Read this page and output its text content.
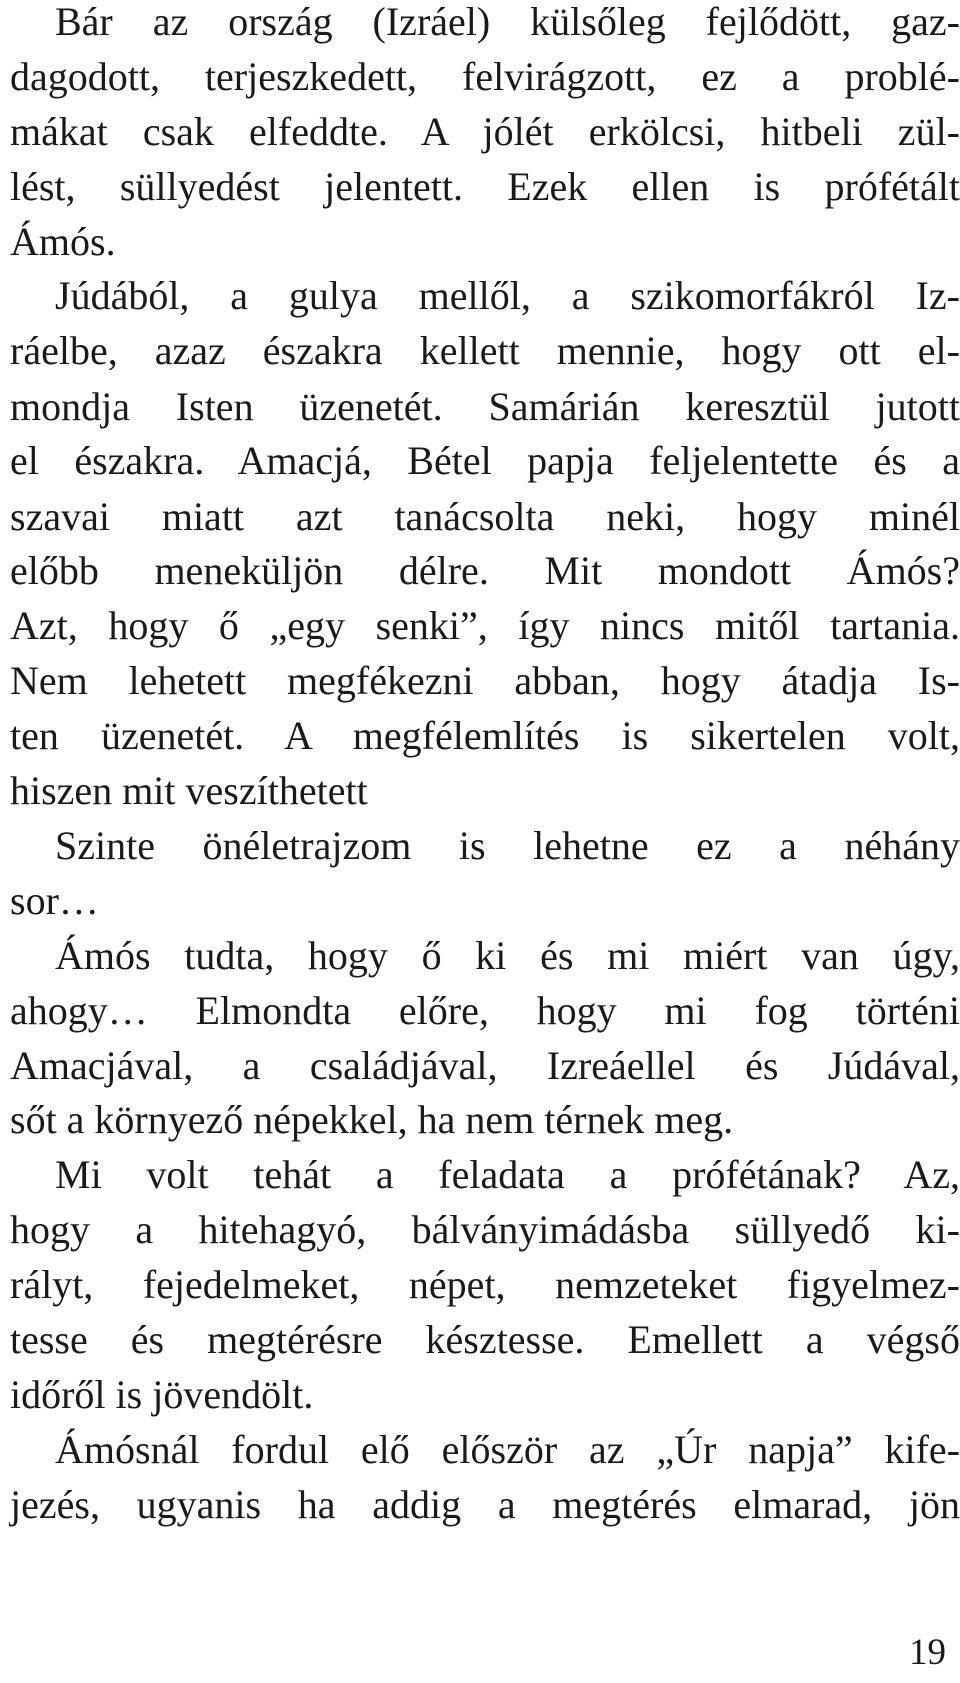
Bár az ország (Izráel) külsőleg fejlődött, gaz-
dagodott, terjeszkedett, felvirágzott, ez a problé-
mákat csak elfeddte. A jólét erkölcsi, hitbeli zül-
lést, süllyedést jelentett. Ezek ellen is prófétált
Ámós.
Júdából, a gulya mellől, a szikomorfákról Iz-
ráelbe, azaz északra kellett mennie, hogy ott el-
mondja Isten üzenetét. Samárián keresztül jutott
el északra. Amacjá, Bétel papja feljelentette és a
szavai miatt azt tanácsolta neki, hogy minél
előbb meneküljön délre. Mit mondott Ámós?
Azt, hogy ő „egy senki”, így nincs mitől tartania.
Nem lehetett megfékezni abban, hogy átadja Is-
ten üzenetét. A megfélemlítés is sikertelen volt,
hiszen mit veszíthetett
Szinte önéletrajzom is lehetne ez a néhány
sor…
Ámós tudta, hogy ő ki és mi miért van úgy,
ahogy… Elmondta előre, hogy mi fog történi
Amacjával, a családjával, Izreáellel és Júdával,
sőt a környező népekkel, ha nem térnek meg.
Mi volt tehát a feladata a prófétának? Az,
hogy a hitehagyó, bálványimádásba süllyedő ki-
rályt, fejedelmeket, népet, nemzeteket figyelmez-
tesse és megtérésre késztesse. Emellett a végső
időről is jövendölt.
Ámósnál fordul elő először az „Úr napja” kife-
jezés, ugyanis ha addig a megtérés elmarad, jön
19
